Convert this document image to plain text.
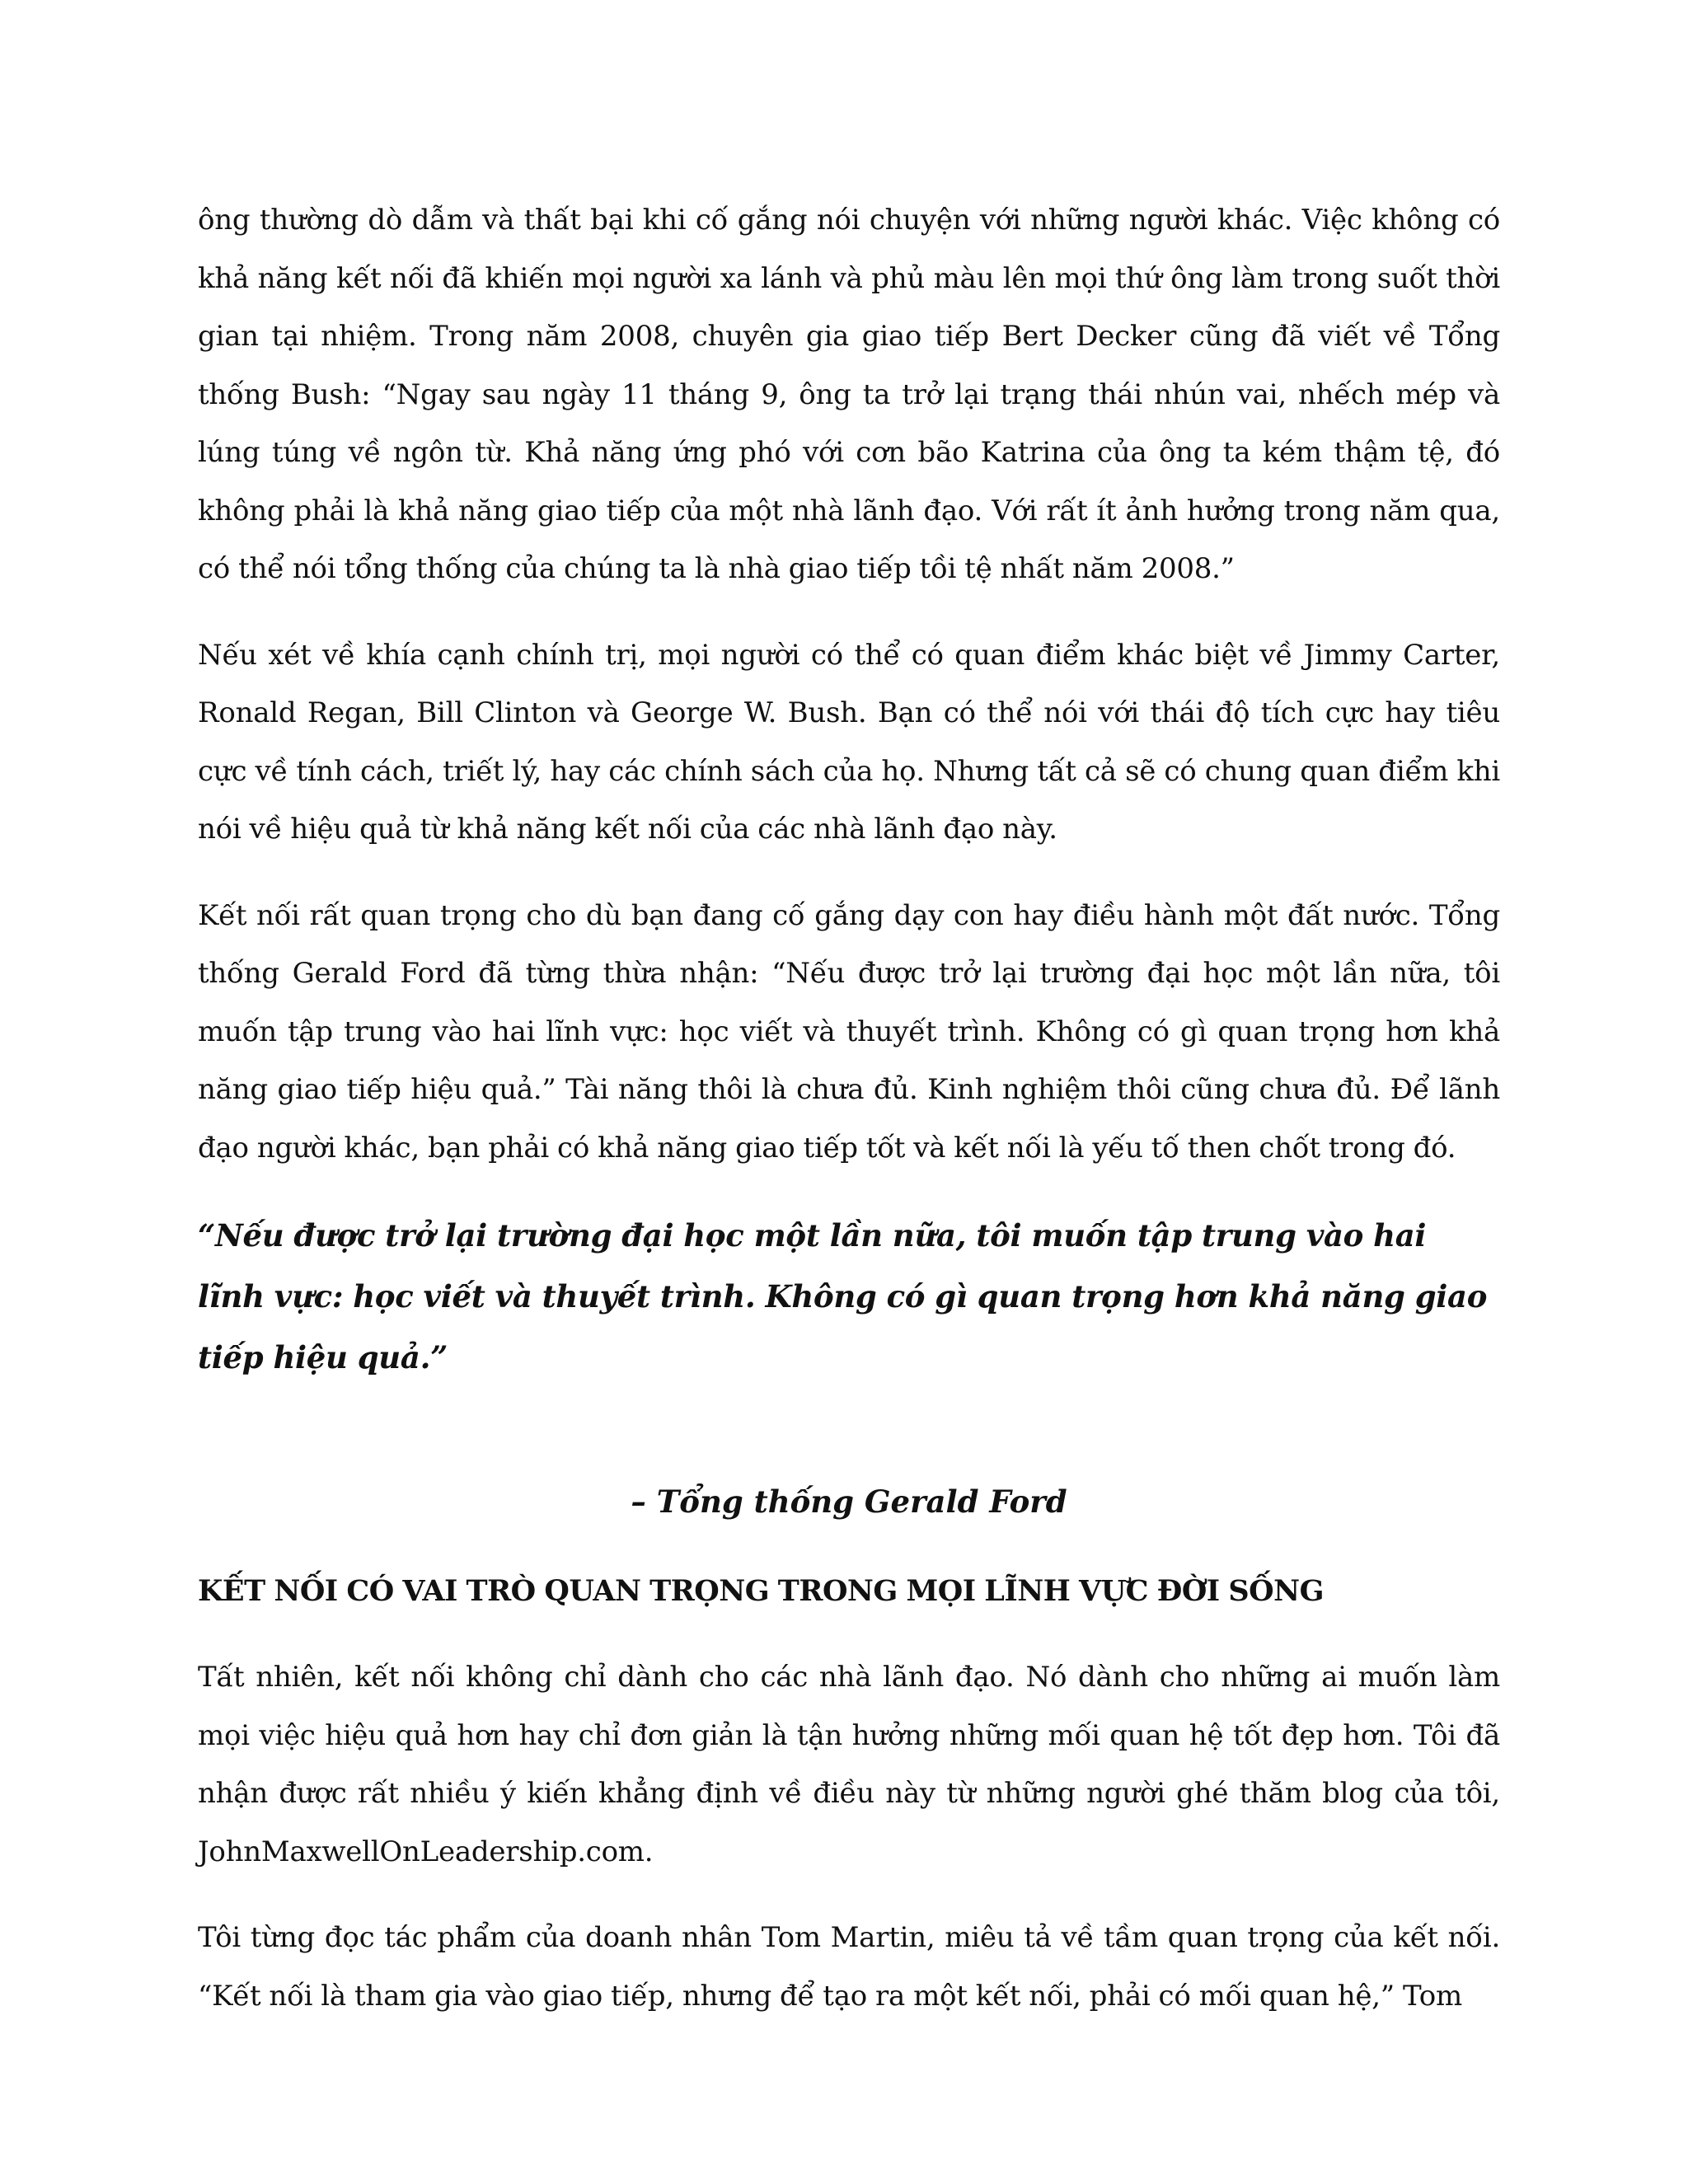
ông thường dò dẫm và thất bại khi cố gắng nói chuyện với những người khác. Việc không có khả năng kết nối đã khiến mọi người xa lánh và phủ màu lên mọi thứ ông làm trong suốt thời gian tại nhiệm. Trong năm 2008, chuyên gia giao tiếp Bert Decker cũng đã viết về Tổng thống Bush: “Ngay sau ngày 11 tháng 9, ông ta trở lại trạng thái nhún vai, nhếch mép và lúng túng về ngôn từ. Khả năng ứng phó với cơn bão Katrina của ông ta kém thậm tệ, đó không phải là khả năng giao tiếp của một nhà lãnh đạo. Với rất ít ảnh hưởng trong năm qua, có thể nói tổng thống của chúng ta là nhà giao tiếp tồi tệ nhất năm 2008.”

Nếu xét về khía cạnh chính trị, mọi người có thể có quan điểm khác biệt về Jimmy Carter, Ronald Regan, Bill Clinton và George W. Bush. Bạn có thể nói với thái độ tích cực hay tiêu cực về tính cách, triết lý, hay các chính sách của họ. Nhưng tất cả sẽ có chung quan điểm khi nói về hiệu quả từ khả năng kết nối của các nhà lãnh đạo này.

Kết nối rất quan trọng cho dù bạn đang cố gắng dạy con hay điều hành một đất nước. Tổng thống Gerald Ford đã từng thừa nhận: “Nếu được trở lại trường đại học một lần nữa, tôi muốn tập trung vào hai lĩnh vực: học viết và thuyết trình. Không có gì quan trọng hơn khả năng giao tiếp hiệu quả.” Tài năng thôi là chưa đủ. Kinh nghiệm thôi cũng chưa đủ. Để lãnh đạo người khác, bạn phải có khả năng giao tiếp tốt và kết nối là yếu tố then chốt trong đó.

“Nếu được trở lại trường đại học một lần nữa, tôi muốn tập trung vào hai lĩnh vực: học viết và thuyết trình. Không có gì quan trọng hơn khả năng giao tiếp hiệu quả.”

– Tổng thống Gerald Ford

KẾT NỐI CÓ VAI TRÒ QUAN TRỌNG TRONG MỌI LĨNH VỰC ĐỜI SỐNG

Tất nhiên, kết nối không chỉ dành cho các nhà lãnh đạo. Nó dành cho những ai muốn làm mọi việc hiệu quả hơn hay chỉ đơn giản là tận hưởng những mối quan hệ tốt đẹp hơn. Tôi đã nhận được rất nhiều ý kiến khẳng định về điều này từ những người ghé thăm blog của tôi, JohnMaxwellOnLeadership.com.

Tôi từng đọc tác phẩm của doanh nhân Tom Martin, miêu tả về tầm quan trọng của kết nối. “Kết nối là tham gia vào giao tiếp, nhưng để tạo ra một kết nối, phải có mối quan hệ,” Tom
